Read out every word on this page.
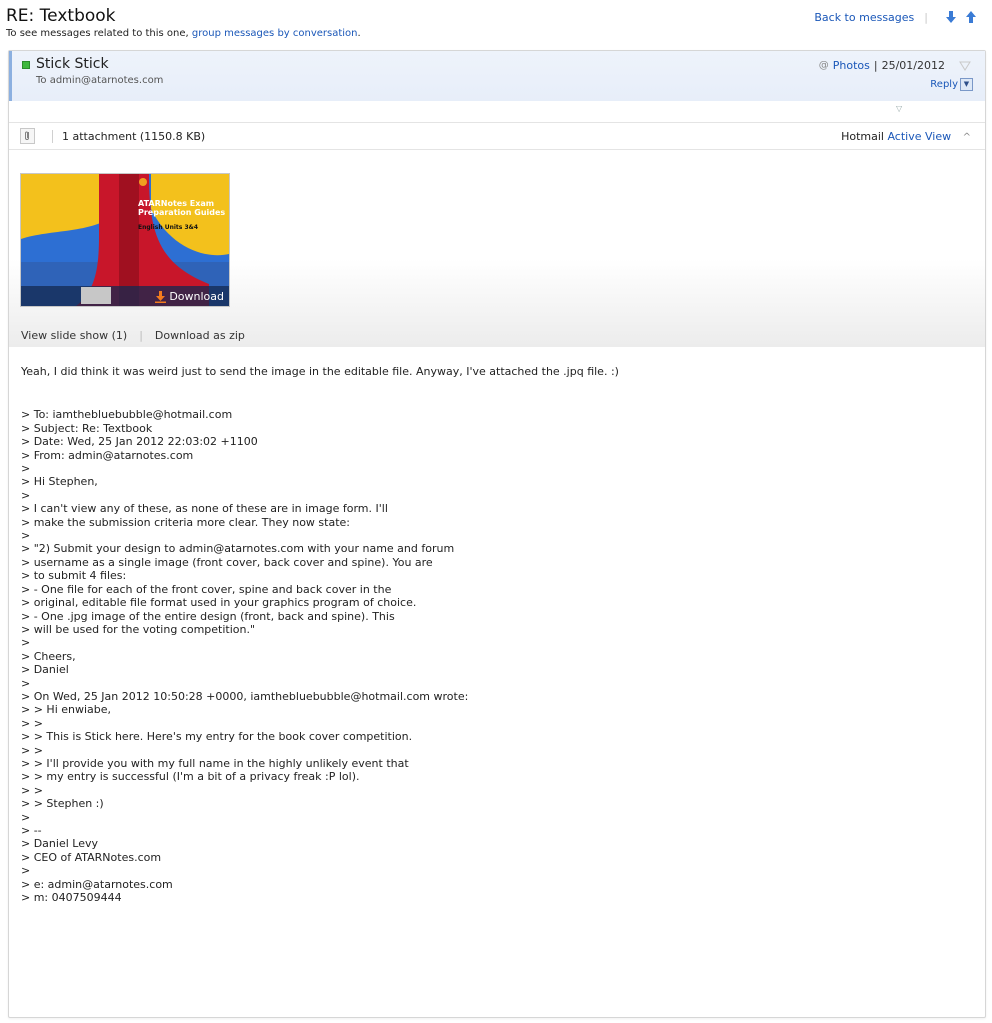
RE: Textbook
To see messages related to this one, group messages by conversation.
Back to messages |
Stick Stick
To admin@atarnotes.com
@ Photos | 25/01/2012
Reply ▼
▽
1 attachment (1150.8 KB)	Hotmail Active View ^
ATARNotes Exam Preparation Guides
English Units 3&4
Download
View slide show (1) | Download as zip

Yeah, I did think it was weird just to send the image in the editable file. Anyway, I've attached the .jpq file. :)

> To: iamthebluebubble@hotmail.com
> Subject: Re: Textbook
> Date: Wed, 25 Jan 2012 22:03:02 +1100
> From: admin@atarnotes.com
>
> Hi Stephen,
>
> I can't view any of these, as none of these are in image form. I'll
> make the submission criteria more clear. They now state:
>
> "2) Submit your design to admin@atarnotes.com with your name and forum
> username as a single image (front cover, back cover and spine). You are
> to submit 4 files:
> - One file for each of the front cover, spine and back cover in the
> original, editable file format used in your graphics program of choice.
> - One .jpg image of the entire design (front, back and spine). This
> will be used for the voting competition."
>
> Cheers,
> Daniel
>
> On Wed, 25 Jan 2012 10:50:28 +0000, iamthebluebubble@hotmail.com wrote:
> > Hi enwiabe,
> >
> > This is Stick here. Here's my entry for the book cover competition.
> >
> > I'll provide you with my full name in the highly unlikely event that
> > my entry is successful (I'm a bit of a privacy freak :P lol).
> >
> > Stephen :)
>
> --
> Daniel Levy
> CEO of ATARNotes.com
>
> e: admin@atarnotes.com
> m: 0407509444
